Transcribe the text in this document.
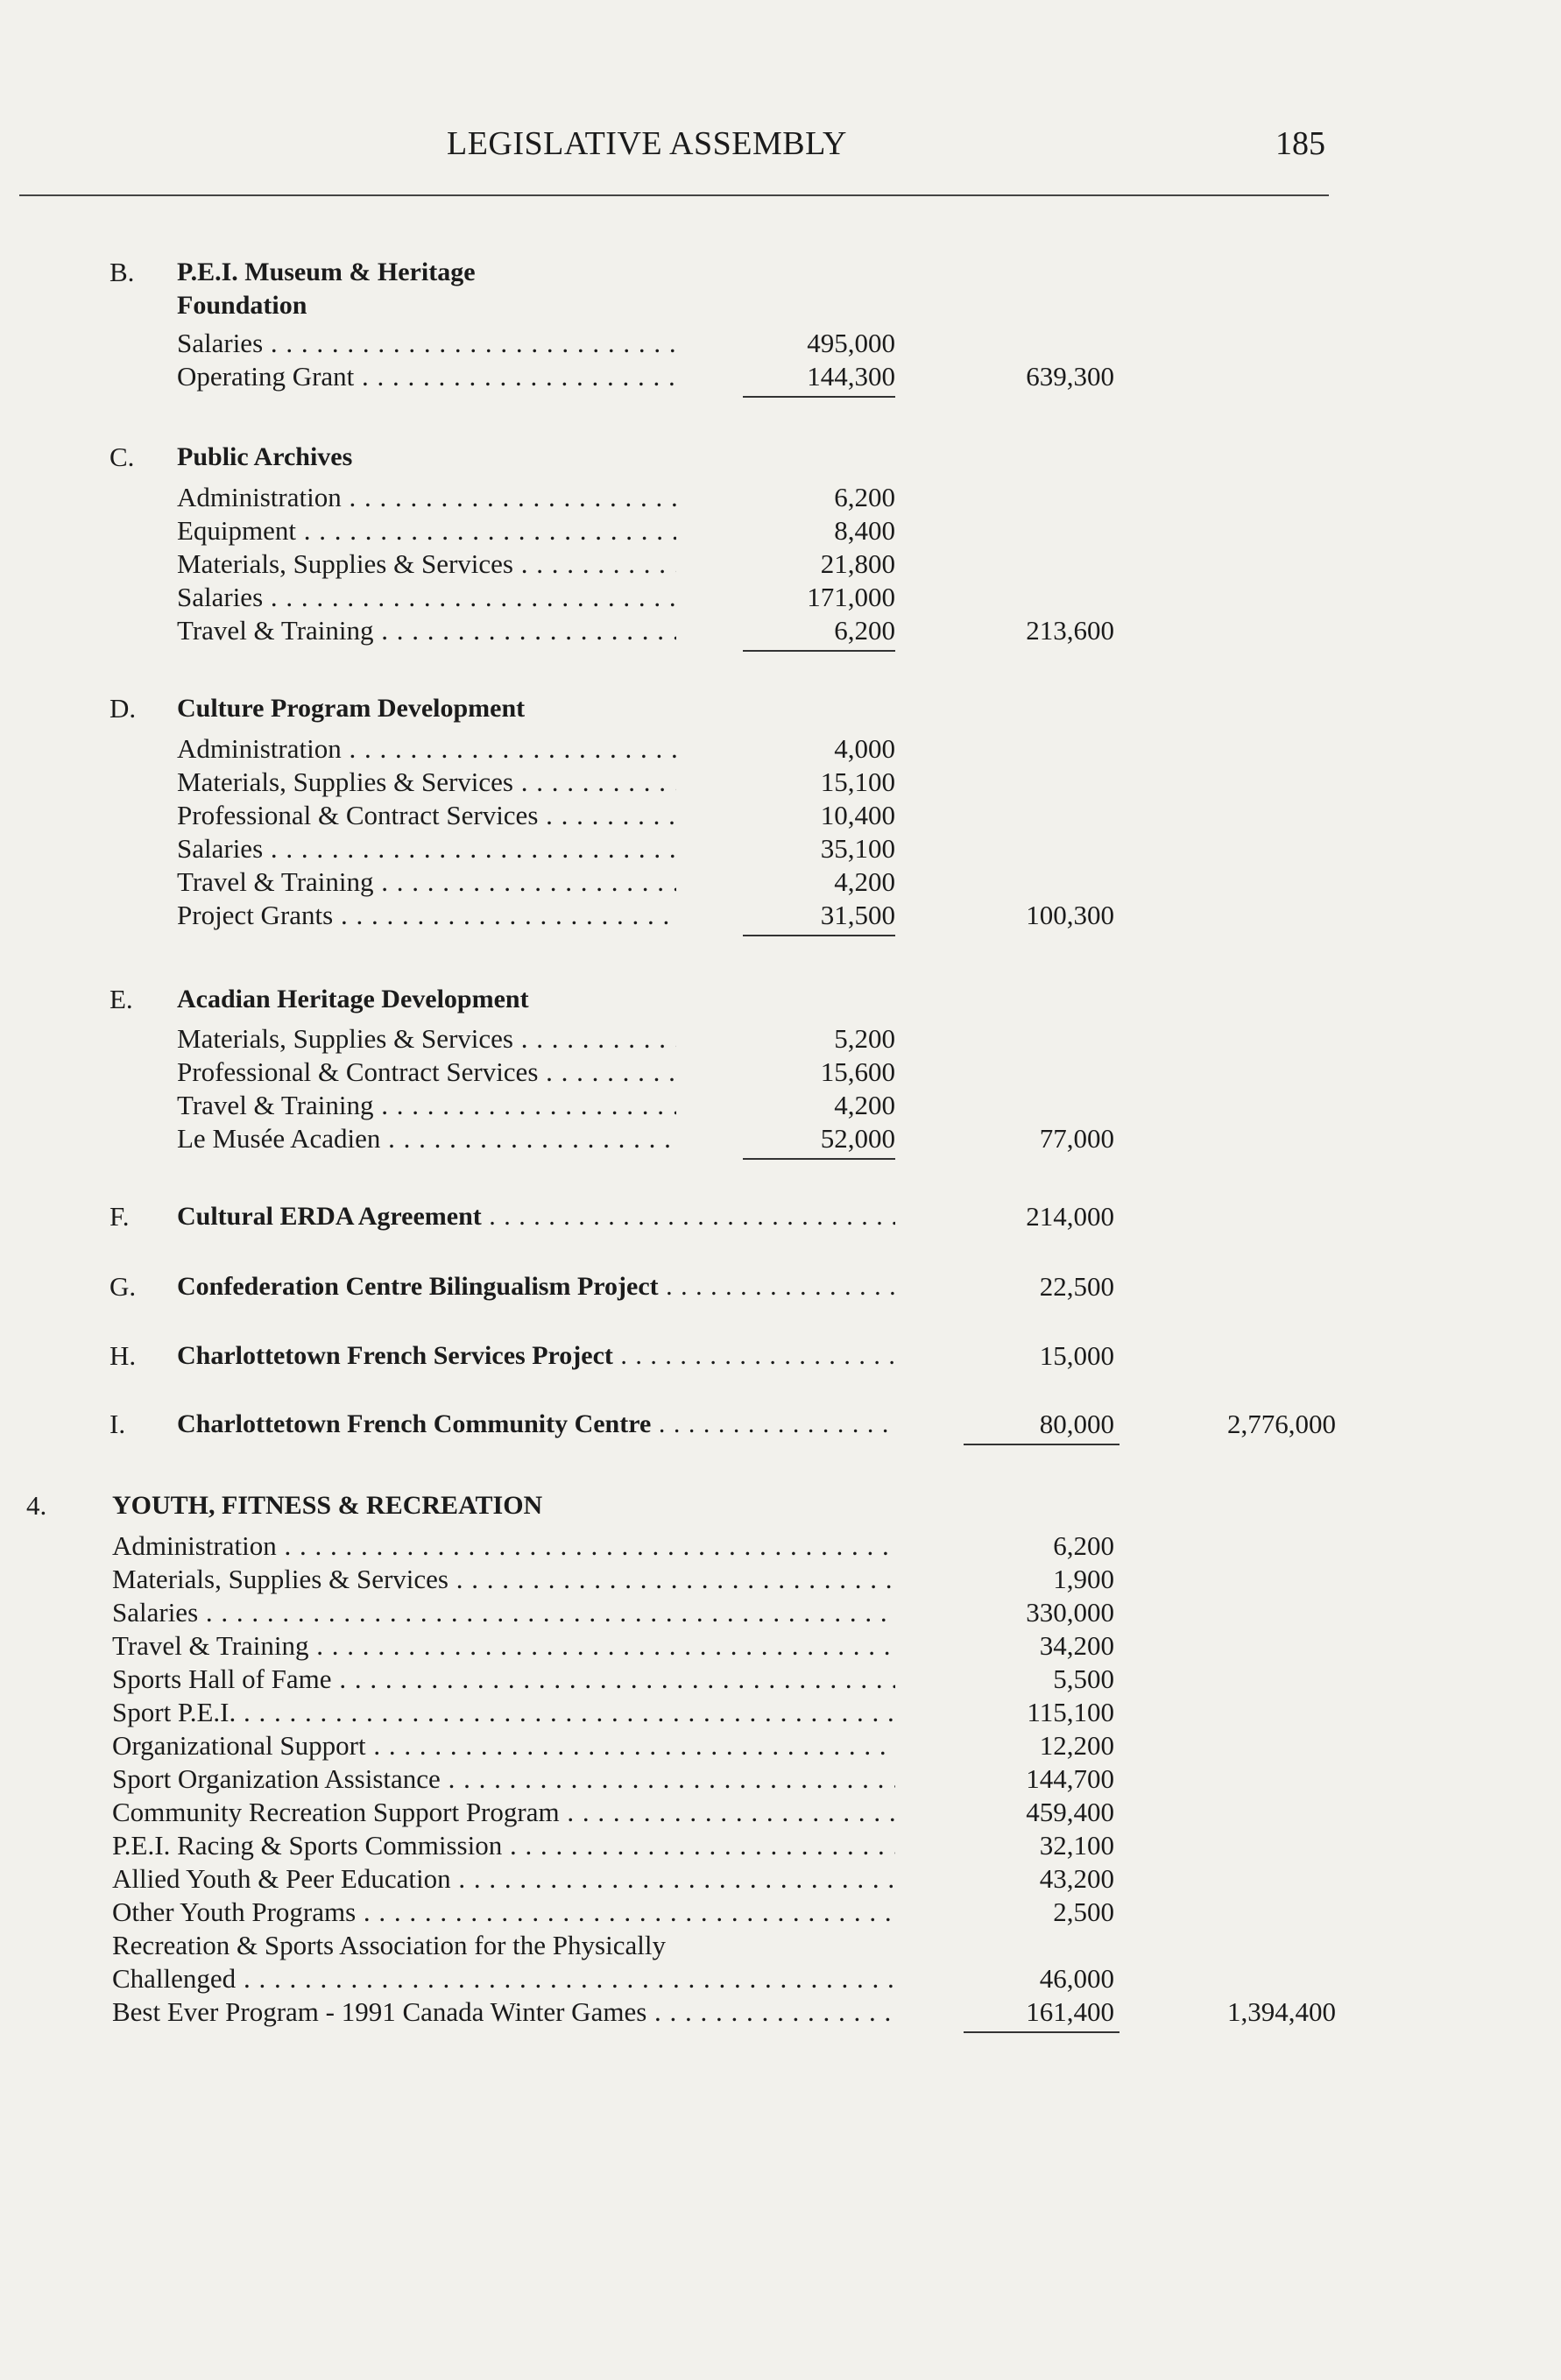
LEGISLATIVE ASSEMBLY	185
B. P.E.I. Museum & Heritage
Foundation
Salaries . . .	495,000
Operating Grant . . .	144,300	639,300
C. Public Archives
Administration . . .	6,200
Equipment . . .	8,400
Materials, Supplies & Services . . .	21,800
Salaries . . .	171,000
Travel & Training . . .	6,200	213,600
D. Culture Program Development
Administration . . .	4,000
Materials, Supplies & Services . . .	15,100
Professional & Contract Services . . .	10,400
Salaries . . .	35,100
Travel & Training . . .	4,200
Project Grants . . .	31,500	100,300
E. Acadian Heritage Development
Materials, Supplies & Services . . .	5,200
Professional & Contract Services . . .	15,600
Travel & Training . . .	4,200
Le Musée Acadien . . .	52,000	77,000
F. Cultural ERDA Agreement . . .	214,000
G. Confederation Centre Bilingualism Project . . .	22,500
H. Charlottetown French Services Project . . .	15,000
I. Charlottetown French Community Centre . . .	80,000	2,776,000
4. YOUTH, FITNESS & RECREATION
Administration . . .	6,200
Materials, Supplies & Services . . .	1,900
Salaries . . .	330,000
Travel & Training . . .	34,200
Sports Hall of Fame . . .	5,500
Sport P.E.I. . . .	115,100
Organizational Support . . .	12,200
Sport Organization Assistance . . .	144,700
Community Recreation Support Program . . .	459,400
P.E.I. Racing & Sports Commission . . .	32,100
Allied Youth & Peer Education . . .	43,200
Other Youth Programs . . .	2,500
Recreation & Sports Association for the Physically
Challenged . . .	46,000
Best Ever Program - 1991 Canada Winter Games . . .	161,400	1,394,400
